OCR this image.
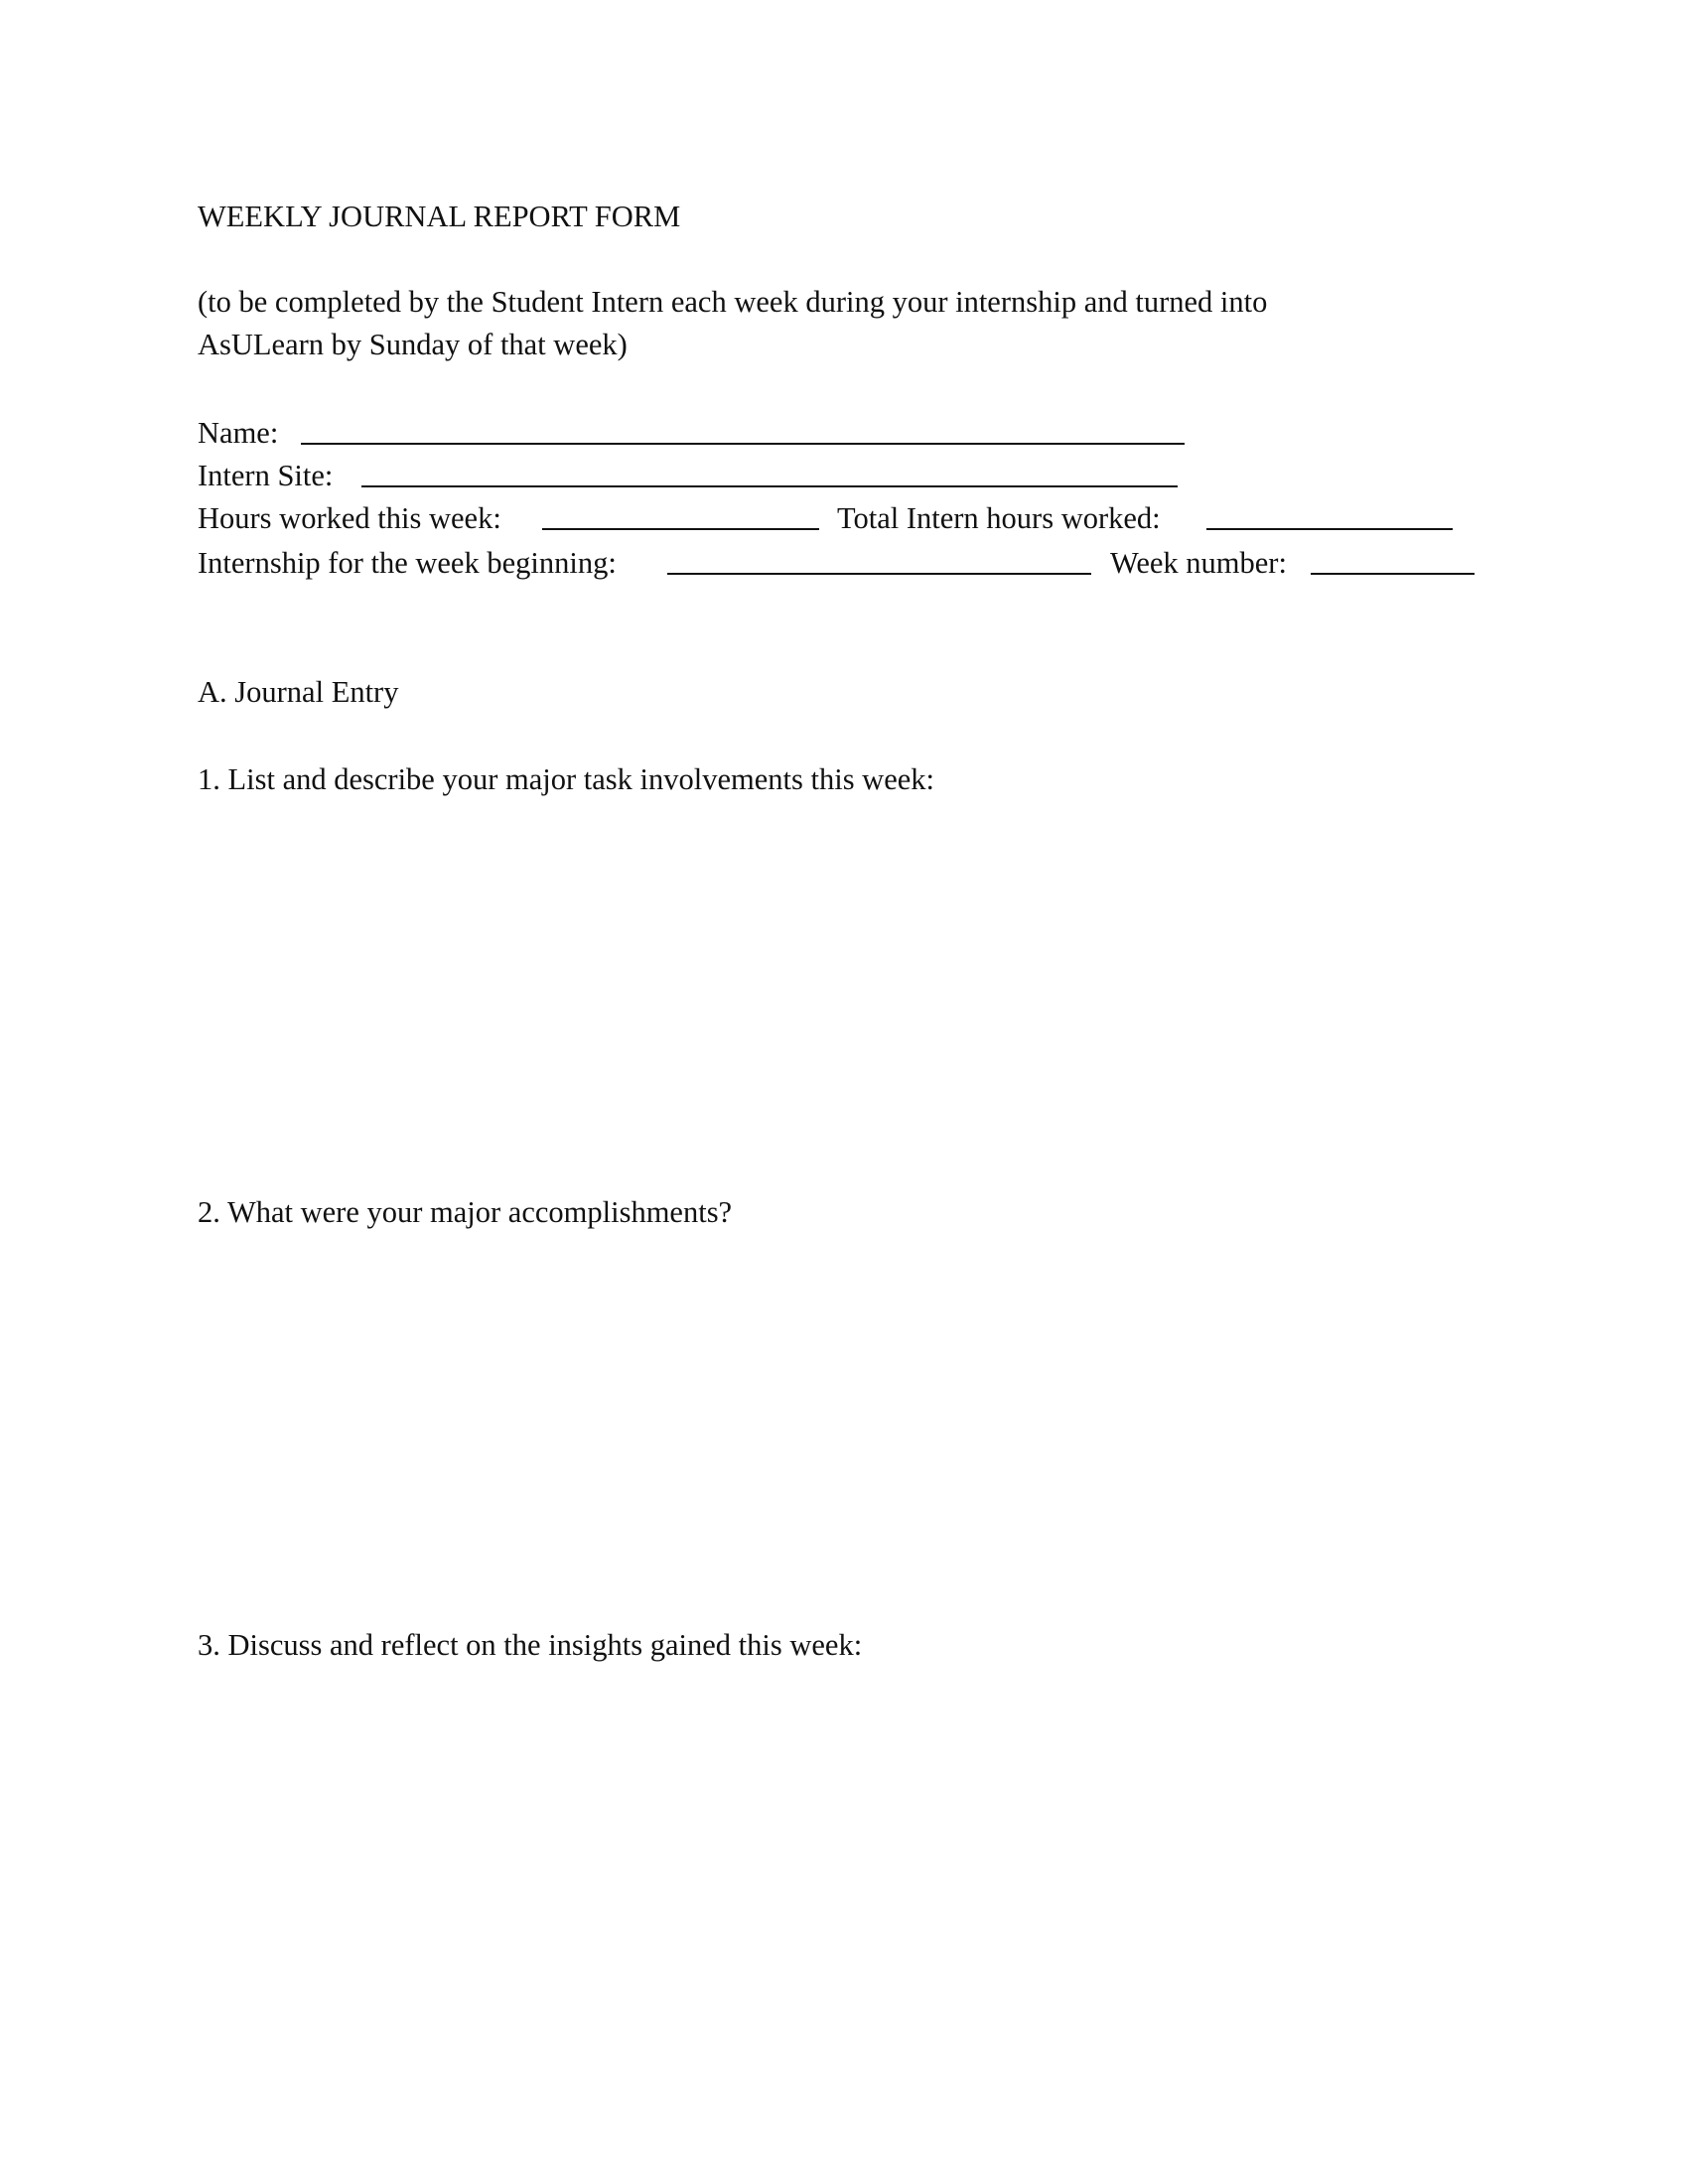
WEEKLY JOURNAL REPORT FORM
(to be completed by the Student Intern each week during your internship and turned into
AsULearn by Sunday of that week)
Name:
Intern Site:
Hours worked this week:	Total Intern hours worked:
Internship for the week beginning:	Week number:
A. Journal Entry
1. List and describe your major task involvements this week:
2. What were your major accomplishments?
3. Discuss and reflect on the insights gained this week:
